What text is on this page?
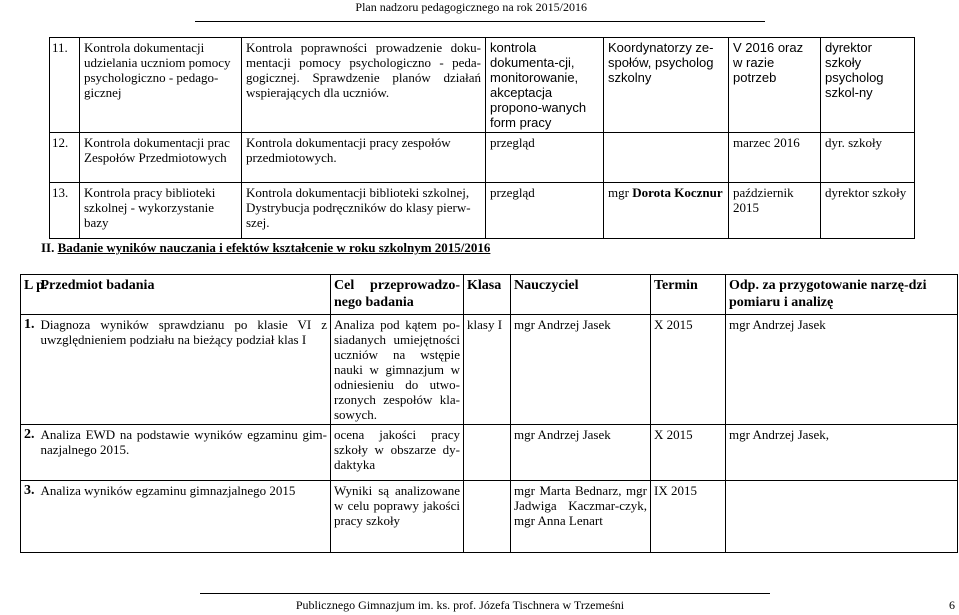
Plan nadzoru pedagogicznego na rok 2015/2016
11.	Kontrola dokumentacji udzielania uczniom pomocy psychologiczno - pedago-gicznej	Kontrola poprawności prowadzenie doku-mentacji pomocy psychologiczno - peda-gogicznej. Sprawdzenie planów działań wspierających dla uczniów.	kontrola dokumenta-cji, monitorowanie, akceptacja propono-wanych form pracy	Koordynatorzy ze-społów, psycholog szkolny	V 2016 oraz w razie potrzeb	dyrektor szkoły psycholog szkol-ny
12.	Kontrola dokumentacji prac Zespołów Przedmiotowych	Kontrola dokumentacji pracy zespołów przedmiotowych.	przegląd		marzec 2016	dyr. szkoły
13.	Kontrola pracy biblioteki szkolnej - wykorzystanie bazy	Kontrola dokumentacji biblioteki szkolnej, Dystrybucja podręczników do klasy pierw-szej.	przegląd	mgr Dorota Kocznur	październik 2015	dyrektor szkoły
II. Badanie wyników nauczania i efektów kształcenie w roku szkolnym 2015/2016
L p.	Przedmiot badania	Cel przeprowadzo-nego badania	Klasa	Nauczyciel	Termin	Odp. za przygotowanie narzę-dzi pomiaru i analizę
1.	Diagnoza wyników sprawdzianu po klasie VI z uwzględnieniem podziału na bieżący podział klas I	Analiza pod kątem po-siadanych umiejętności uczniów na wstępie nauki w gimnazjum w odniesieniu do utwo-rzonych zespołów kla-sowych.	klasy I	mgr Andrzej Jasek	X 2015	mgr Andrzej Jasek
2.	Analiza EWD na podstawie wyników egzaminu gim-nazjalnego 2015.	ocena jakości pracy szkoły w obszarze dy-daktyka		mgr Andrzej Jasek	X 2015	mgr Andrzej Jasek,
3.	Analiza wyników egzaminu gimnazjalnego 2015	Wyniki są analizowane w celu poprawy jakości pracy szkoły		mgr Marta Bednarz, mgr Jadwiga Kaczmar-czyk, mgr Anna Lenart	IX 2015	
Publicznego Gimnazjum im. ks. prof. Józefa Tischnera w Trzemeśni	6
